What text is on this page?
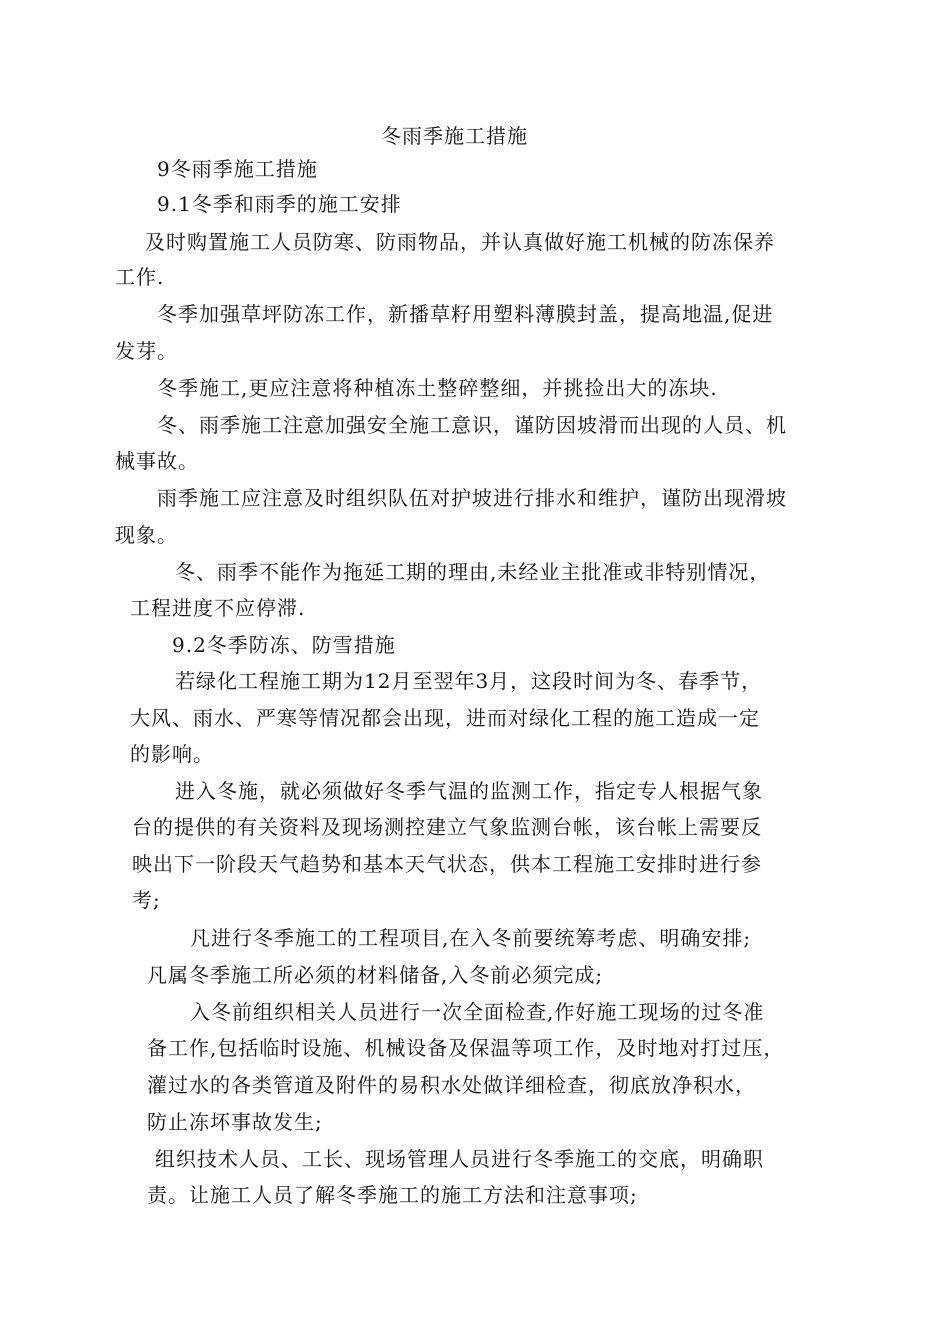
冬雨季施工措施

9冬雨季施工措施

9.1冬季和雨季的施工安排

及时购置施工人员防寒、防雨物品，并认真做好施工机械的防冻保养

工作.

冬季加强草坪防冻工作，新播草籽用塑料薄膜封盖，提高地温,促进

发芽。

冬季施工,更应注意将种植冻土整碎整细，并挑捡出大的冻块.

冬、雨季施工注意加强安全施工意识，谨防因坡滑而出现的人员、机

械事故。

雨季施工应注意及时组织队伍对护坡进行排水和维护，谨防出现滑坡

现象。

冬、雨季不能作为拖延工期的理由,未经业主批准或非特别情况，

工程进度不应停滞.

9.2冬季防冻、防雪措施

若绿化工程施工期为12月至翌年3月，这段时间为冬、春季节，

大风、雨水、严寒等情况都会出现，进而对绿化工程的施工造成一定

的影响。

进入冬施，就必须做好冬季气温的监测工作，指定专人根据气象

台的提供的有关资料及现场测控建立气象监测台帐，该台帐上需要反

映出下一阶段天气趋势和基本天气状态，供本工程施工安排时进行参

考;

凡进行冬季施工的工程项目,在入冬前要统筹考虑、明确安排;

凡属冬季施工所必须的材料储备,入冬前必须完成;

入冬前组织相关人员进行一次全面检查,作好施工现场的过冬准

备工作,包括临时设施、机械设备及保温等项工作，及时地对打过压，

灌过水的各类管道及附件的易积水处做详细检查，彻底放净积水，

防止冻坏事故发生;

组织技术人员、工长、现场管理人员进行冬季施工的交底，明确职

责。让施工人员了解冬季施工的施工方法和注意事项;
